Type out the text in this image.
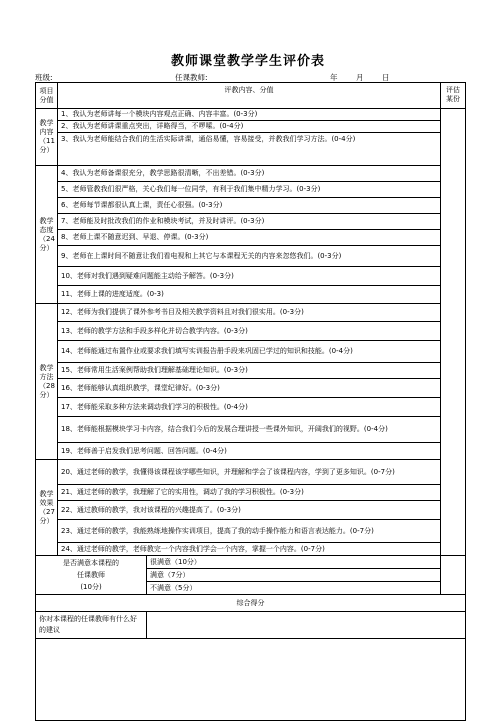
教师课堂教学学生评价表
班级:	任课教师:	年 月 日
项目分值	评教内容、分值		评估某份
教学内容（11分）	1、我认为老师讲每一个模块内容观点正确、内容丰富。(0-3分)		
	2、我认为老师讲课重点突出，详略得当，不啰嗦。(0-4分)		
	3、我认为老师能结合我们的生活实际讲课，通俗易懂，容易接受，并教我们学习方法。(0-4分)		
教学态度（24分）	4、我认为老师备课很充分，教学思路很清晰，不出差错。(0-3分)		
	5、老师管教我们很严格，关心我们每一位同学，有利于我们集中精力学习。(0-3分)		
	6、老师每节课都很认真上课，责任心很强。(0-3分)		
	7、老师能及时批改我们的作业和模块考试，并及时讲评。(0-3分)		
	8、老师上课不随意迟到、早退、停课。(0-3分)		
	9、老师在上课时间不随意让我们看电视和上其它与本课程无关的内容来忽悠我们。(0-3分)		
	10、老师对我们遇到疑难问题能主动给予解答。(0-3分)		
	11、老师上课的进度适度。(0-3)		
教学方法（28分）	12、老师为我们提供了课外参考书目及相关教学资料且对我们很实用。(0-3分)		
	13、老师的教学方法和手段多样化并切合教学内容。(0-3分)		
	14、老师能通过布置作业或要求我们填写实训报告册手段来巩固已学过的知识和技能。(0-4分)		
	15、老师常用生活案例帮助我们理解基础理论知识。(0-3分)		
	16、老师能够认真组织教学，课堂纪律好。(0-3分)		
	17、老师能采取多种方法来调动我们学习的积极性。(0-4分)		
	18、老师能根据模块学习卡内容，结合我们今后的发展合理讲授一些课外知识，开阔我们的视野。(0-4分)		
	19、老师善于启发我们思考问题、回答问题。(0-4分)		
教学效果（27分）	20、通过老师的教学，我懂得该课程该学哪些知识，并理解和学会了该课程内容，学到了更多知识。(0-7分)		
	21、通过老师的教学，我理解了它的实用性，调动了我的学习积极性。(0-3分)		
	22、通过教师的教学，我对该课程的兴趣提高了。(0-3分)		
	23、通过老师的教学，我能熟练地操作实训项目，提高了我的动手操作能力和语言表达能力。(0-7分)		
	24、通过老师的教学，老师教完一个内容我们学会一个内容，掌握一个内容。(0-7分)		

是否满意本课程的
任课教师
(10分)		很满意（10分）	
		满意（7分）	
		不满意（5分）	
综合得分			
你对本课程的任课教师有什么好的建议			
